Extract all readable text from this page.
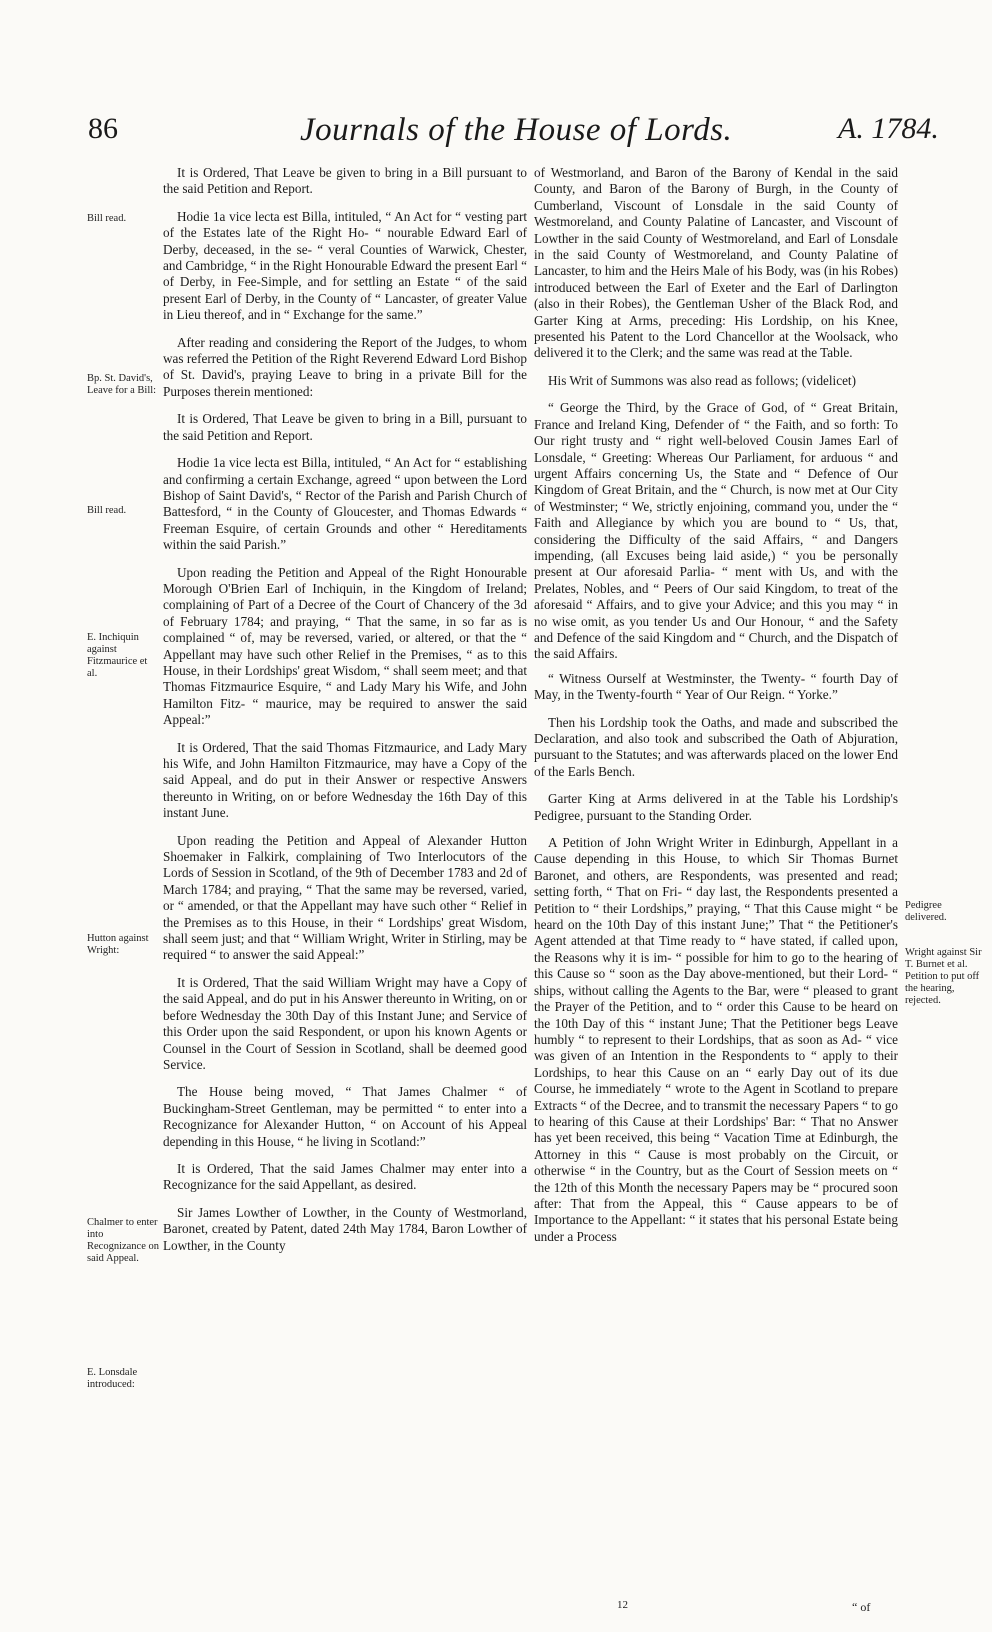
86	Journals of the House of Lords.	A. 1784.
Bill read.
Bp. St. David's, Leave for a Bill:
Bill read.
E. Inchiquin against Fitzmaurice et al.
Hutton against Wright:
Chalmer to enter into Recognizance on said Appeal.
E. Lonsdale introduced:
Pedigree delivered.
Wright against Sir T. Burnet et al. Petition to put off the hearing, rejected.

It is Ordered, That Leave be given to bring in a Bill pursuant to the said Petition and Report.

Hodie 1a vice lecta est Billa, intituled, “ An Act for “ vesting part of the Estates late of the Right Ho- “ nourable Edward Earl of Derby, deceased, in the se- “ veral Counties of Warwick, Chester, and Cambridge, “ in the Right Honourable Edward the present Earl “ of Derby, in Fee-Simple, and for settling an Estate “ of the said present Earl of Derby, in the County of “ Lancaster, of greater Value in Lieu thereof, and in “ Exchange for the same.”

After reading and considering the Report of the Judges, to whom was referred the Petition of the Right Reverend Edward Lord Bishop of St. David's, praying Leave to bring in a private Bill for the Purposes therein mentioned:

It is Ordered, That Leave be given to bring in a Bill, pursuant to the said Petition and Report.

Hodie 1a vice lecta est Billa, intituled, “ An Act for “ establishing and confirming a certain Exchange, agreed “ upon between the Lord Bishop of Saint David's, “ Rector of the Parish and Parish Church of Battesford, “ in the County of Gloucester, and Thomas Edwards “ Freeman Esquire, of certain Grounds and other “ Hereditaments within the said Parish.”

Upon reading the Petition and Appeal of the Right Honourable Morough O'Brien Earl of Inchiquin, in the Kingdom of Ireland; complaining of Part of a Decree of the Court of Chancery of the 3d of February 1784; and praying, “ That the same, in so far as is complained “ of, may be reversed, varied, or altered, or that the “ Appellant may have such other Relief in the Premises, “ as to this House, in their Lordships' great Wisdom, “ shall seem meet; and that Thomas Fitzmaurice Esquire, “ and Lady Mary his Wife, and John Hamilton Fitz- “ maurice, may be required to answer the said Appeal:”

It is Ordered, That the said Thomas Fitzmaurice, and Lady Mary his Wife, and John Hamilton Fitzmaurice, may have a Copy of the said Appeal, and do put in their Answer or respective Answers thereunto in Writing, on or before Wednesday the 16th Day of this instant June.

Upon reading the Petition and Appeal of Alexander Hutton Shoemaker in Falkirk, complaining of Two Interlocutors of the Lords of Session in Scotland, of the 9th of December 1783 and 2d of March 1784; and praying, “ That the same may be reversed, varied, or “ amended, or that the Appellant may have such other “ Relief in the Premises as to this House, in their “ Lordships' great Wisdom, shall seem just; and that “ William Wright, Writer in Stirling, may be required “ to answer the said Appeal:”

It is Ordered, That the said William Wright may have a Copy of the said Appeal, and do put in his Answer thereunto in Writing, on or before Wednesday the 30th Day of this Instant June; and Service of this Order upon the said Respondent, or upon his known Agents or Counsel in the Court of Session in Scotland, shall be deemed good Service.

The House being moved, “ That James Chalmer “ of Buckingham-Street Gentleman, may be permitted “ to enter into a Recognizance for Alexander Hutton, “ on Account of his Appeal depending in this House, “ he living in Scotland:”

It is Ordered, That the said James Chalmer may enter into a Recognizance for the said Appellant, as desired.

Sir James Lowther of Lowther, in the County of Westmorland, Baronet, created by Patent, dated 24th May 1784, Baron Lowther of Lowther, in the County

of Westmorland, and Baron of the Barony of Kendal in the said County, and Baron of the Barony of Burgh, in the County of Cumberland, Viscount of Lonsdale in the said County of Westmoreland, and County Palatine of Lancaster, and Viscount of Lowther in the said County of Westmoreland, and Earl of Lonsdale in the said County of Westmoreland, and County Palatine of Lancaster, to him and the Heirs Male of his Body, was (in his Robes) introduced between the Earl of Exeter and the Earl of Darlington (also in their Robes), the Gentleman Usher of the Black Rod, and Garter King at Arms, preceding: His Lordship, on his Knee, presented his Patent to the Lord Chancellor at the Woolsack, who delivered it to the Clerk; and the same was read at the Table.

His Writ of Summons was also read as follows; (videlicet)

“ George the Third, by the Grace of God, of “ Great Britain, France and Ireland King, Defender of “ the Faith, and so forth: To Our right trusty and “ right well-beloved Cousin James Earl of Lonsdale, “ Greeting: Whereas Our Parliament, for arduous “ and urgent Affairs concerning Us, the State and “ Defence of Our Kingdom of Great Britain, and the “ Church, is now met at Our City of Westminster; “ We, strictly enjoining, command you, under the “ Faith and Allegiance by which you are bound to “ Us, that, considering the Difficulty of the said Affairs, “ and Dangers impending, (all Excuses being laid aside,) “ you be personally present at Our aforesaid Parlia- “ ment with Us, and with the Prelates, Nobles, and “ Peers of Our said Kingdom, to treat of the aforesaid “ Affairs, and to give your Advice; and this you may “ in no wise omit, as you tender Us and Our Honour, “ and the Safety and Defence of the said Kingdom and “ Church, and the Dispatch of the said Affairs.

“ Witness Ourself at Westminster, the Twenty- “ fourth Day of May, in the Twenty-fourth “ Year of Our Reign. “ Yorke.”

Then his Lordship took the Oaths, and made and subscribed the Declaration, and also took and subscribed the Oath of Abjuration, pursuant to the Statutes; and was afterwards placed on the lower End of the Earls Bench.

Garter King at Arms delivered in at the Table his Lordship's Pedigree, pursuant to the Standing Order.

A Petition of John Wright Writer in Edinburgh, Appellant in a Cause depending in this House, to which Sir Thomas Burnet Baronet, and others, are Respondents, was presented and read; setting forth, “ That on Fri- “ day last, the Respondents presented a Petition to “ their Lordships,” praying, “ That this Cause might “ be heard on the 10th Day of this instant June;” That “ the Petitioner's Agent attended at that Time ready to “ have stated, if called upon, the Reasons why it is im- “ possible for him to go to the hearing of this Cause so “ soon as the Day above-mentioned, but their Lord- “ ships, without calling the Agents to the Bar, were “ pleased to grant the Prayer of the Petition, and to “ order this Cause to be heard on the 10th Day of this “ instant June; That the Petitioner begs Leave humbly “ to represent to their Lordships, that as soon as Ad- “ vice was given of an Intention in the Respondents to “ apply to their Lordships, to hear this Cause on an “ early Day out of its due Course, he immediately “ wrote to the Agent in Scotland to prepare Extracts “ of the Decree, and to transmit the necessary Papers “ to go to hearing of this Cause at their Lordships' Bar: “ That no Answer has yet been received, this being “ Vacation Time at Edinburgh, the Attorney in this “ Cause is most probably on the Circuit, or otherwise “ in the Country, but as the Court of Session meets on “ the 12th of this Month the necessary Papers may be “ procured soon after: That from the Appeal, this “ Cause appears to be of Importance to the Appellant: “ it states that his personal Estate being under a Process

12	“ of
